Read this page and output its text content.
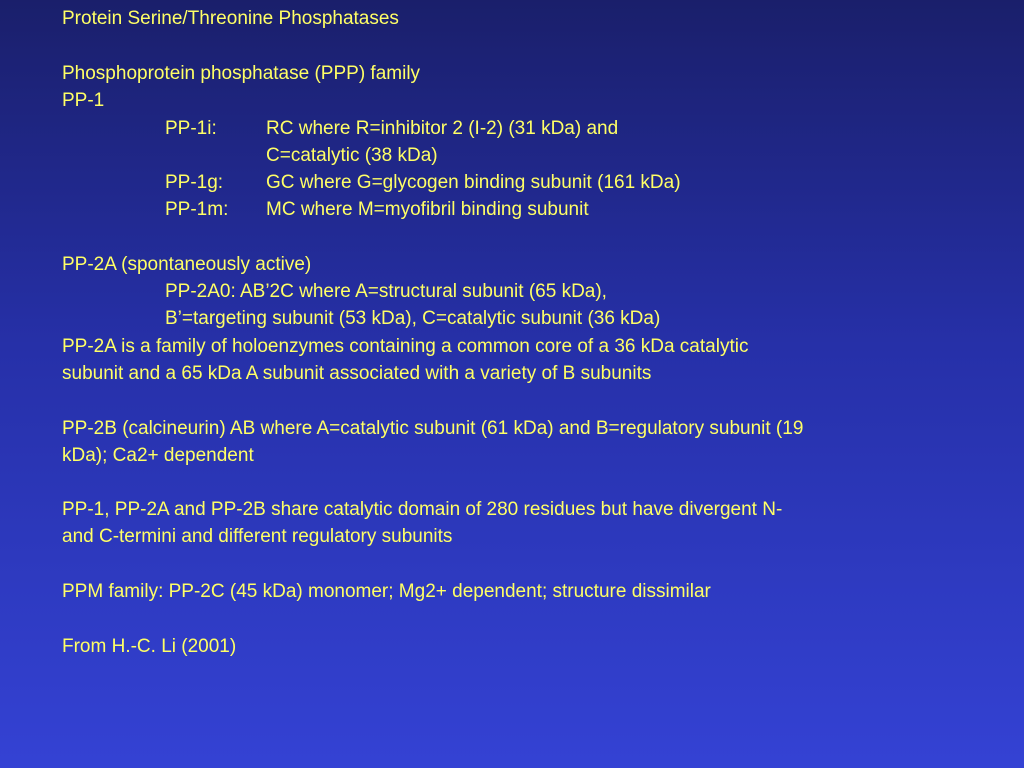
Protein Serine/Threonine Phosphatases
Phosphoprotein phosphatase (PPP) family
PP-1
PP-1i:	RC where R=inhibitor 2 (I-2) (31 kDa) and
C=catalytic (38 kDa)
PP-1g: GC where G=glycogen binding subunit (161 kDa)
PP-1m: MC where M=myofibril binding subunit
PP-2A (spontaneously active)
PP-2A0: AB’2C where A=structural subunit (65 kDa),
B’=targeting subunit (53 kDa), C=catalytic subunit (36 kDa)
PP-2A is a family of holoenzymes containing a common core of a 36 kDa catalytic
subunit and a 65 kDa A subunit associated with a variety of B subunits
PP-2B (calcineurin) AB where A=catalytic subunit (61 kDa) and B=regulatory subunit (19
kDa); Ca2+ dependent
PP-1, PP-2A and PP-2B share catalytic domain of 280 residues but have divergent N-
and C-termini and different regulatory subunits
PPM family: PP-2C (45 kDa) monomer; Mg2+ dependent; structure dissimilar
From H.-C. Li (2001)
